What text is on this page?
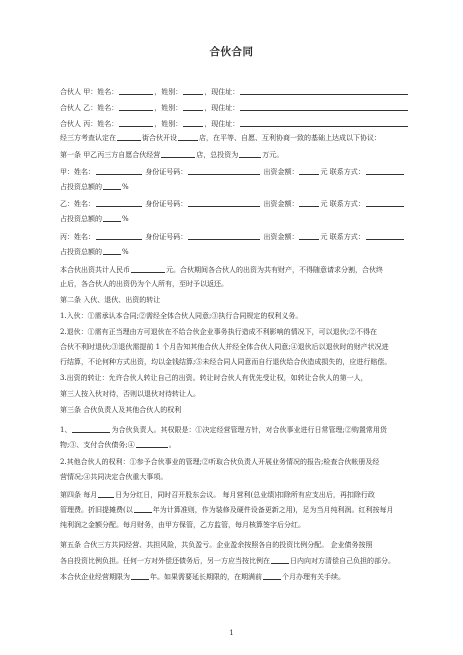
合伙合同
合伙人 甲：姓名：	，姓别：	，现住址：
合伙人 乙：姓名：	，姓别：	，现住址：
合伙人 丙：姓名：	，姓别：	，现住址：
经三方考查认定在	街合伙开设	店，在平等、自愿、互利协商一致的基础上达成以下协议：
第一条 甲乙丙三方自愿合伙经营	店，总投资为	万元。
甲：姓名：	身份证号码：	出资金额：	元 联系方式：
占投资总额的	%
乙：姓名：	身份证号码：	出资金额：	元 联系方式：
占投资总额的	%
丙：姓名：	身份证号码：	出资金额：	元 联系方式：
占投资总额的	%
本合伙出资共计人民币	元。合伙期间各合伙人的出资为共有财产，不得随意请求分割，合伙终
止后，各合伙人的出资仍为个人所有，至时予以返还。
第二条 入伙、退伙、出资的转让
1.入伙：①需承认本合同;②需经全体合伙人同意;③执行合同规定的权利义务。
2.退伙：①需有正当理由方可退伙在不给合伙企业事务执行造成不利影响的情况下，可以退伙;②不得在
合伙不利时退伙;③退伙需提前 1 个月告知其他合伙人并经全体合伙人同意;④退伙后以退伙时的财产状况进
行结算，不论何种方式出资，均以金钱结算;⑤未经合同人同意而自行退伙给合伙造成损失的，应进行赔偿。
3.出资的转让：允许合伙人转让自己的出资。转让时合伙人有优先受让权，如转让合伙人的第一人，
第三人按入伙对待，否则以退伙对待转让人。
第三条 合伙负责人及其他合伙人的权利
1、	为合伙负责人。其权限是：①决定经营管理方针，对合伙事业进行日常管理;②购置常用货
物;③、支付合伙债务;④	。
2.其他合伙人的权利：①参予合伙事业的管理;②听取合伙负责人开展业务情况的报告;检查合伙帐册及经
营情况;④共同决定合伙重大事项。
第四条 每月	日为分红日，同时召开股东会议。 每月营利(总业绩)扣除所有应支出后，再扣除行政
管理费。折旧提摊费(以	年为计算准则，作为装修及硬件设备更新之用)，足为当月纯利润。红利按每月
纯利润之金额分配。每月财务，由甲方保管，乙方监管，每月核算签字后分红。
第五条 合伙三方共同经营、共担风险，共负盈亏。企业盈余按照各自的投资比例分配。 企业债务按照
各自投资比例负担。任何一方对外偿还债务后，另一方应当按比例在	日内向对方清偿自己负担的部分。
本合伙企业经营期限为	年。如果需要延长期限的，在期满前	个月办理有关手续。
1
